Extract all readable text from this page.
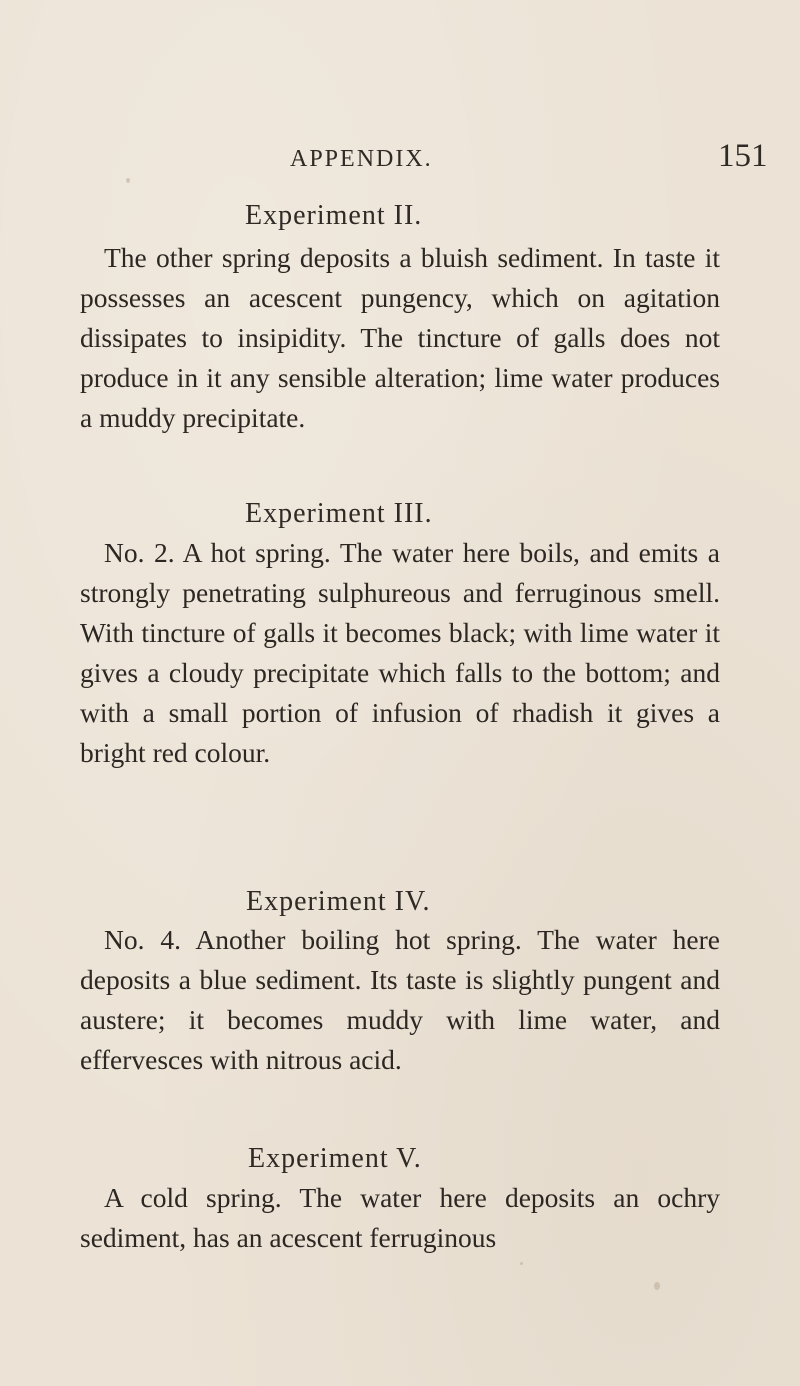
APPENDIX.	151
Experiment II.
The other spring deposits a bluish sediment. In taste it possesses an acescent pungency, which on agitation dissipates to insipidity. The tincture of galls does not produce in it any sensible alteration; lime water produces a muddy precipitate.
Experiment III.
No. 2. A hot spring. The water here boils, and emits a strongly penetrating sulphureous and ferruginous smell. With tincture of galls it becomes black; with lime water it gives a cloudy precipitate which falls to the bottom; and with a small portion of infusion of rhadish it gives a bright red colour.
Experiment IV.
No. 4. Another boiling hot spring. The water here deposits a blue sediment. Its taste is slightly pungent and austere; it becomes muddy with lime water, and effervesces with nitrous acid.
Experiment V.
A cold spring. The water here deposits an ochry sediment, has an acescent ferruginous
